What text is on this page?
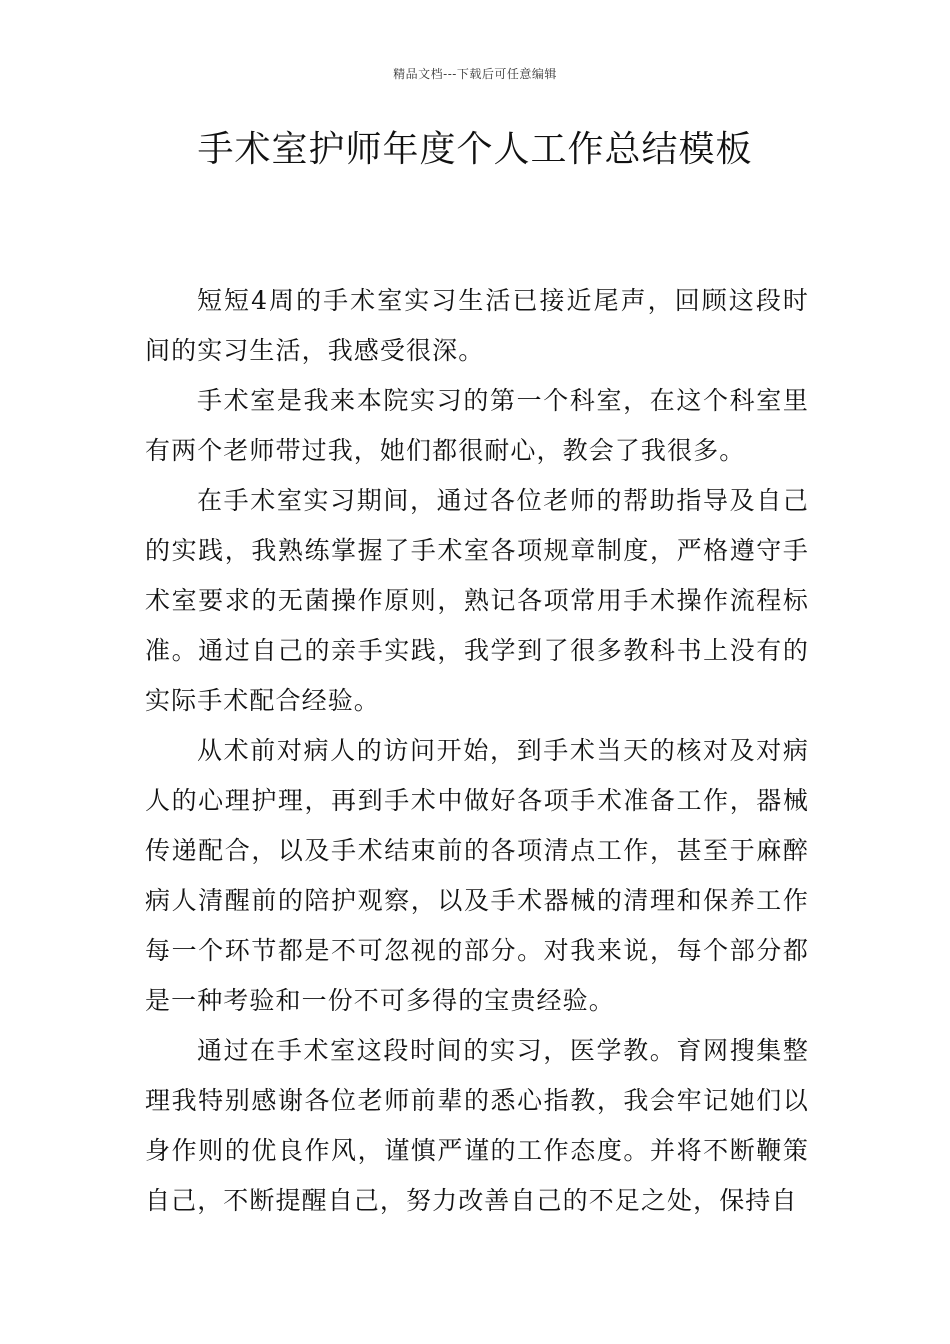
精品文档---下载后可任意编辑
手术室护师年度个人工作总结模板

短短4周的手术室实习生活已接近尾声，回顾这段时间的实习生活，我感受很深。

手术室是我来本院实习的第一个科室，在这个科室里有两个老师带过我，她们都很耐心，教会了我很多。

在手术室实习期间，通过各位老师的帮助指导及自己的实践，我熟练掌握了手术室各项规章制度，严格遵守手术室要求的无菌操作原则，熟记各项常用手术操作流程标准。通过自己的亲手实践，我学到了很多教科书上没有的实际手术配合经验。

从术前对病人的访问开始，到手术当天的核对及对病人的心理护理，再到手术中做好各项手术准备工作，器械传递配合，以及手术结束前的各项清点工作，甚至于麻醉病人清醒前的陪护观察，以及手术器械的清理和保养工作每一个环节都是不可忽视的部分。对我来说，每个部分都是一种考验和一份不可多得的宝贵经验。

通过在手术室这段时间的实习，医学教。育网搜集整理我特别感谢各位老师前辈的悉心指教，我会牢记她们以身作则的优良作风，谨慎严谨的工作态度。并将不断鞭策自己，不断提醒自己，努力改善自己的不足之处，保持自
